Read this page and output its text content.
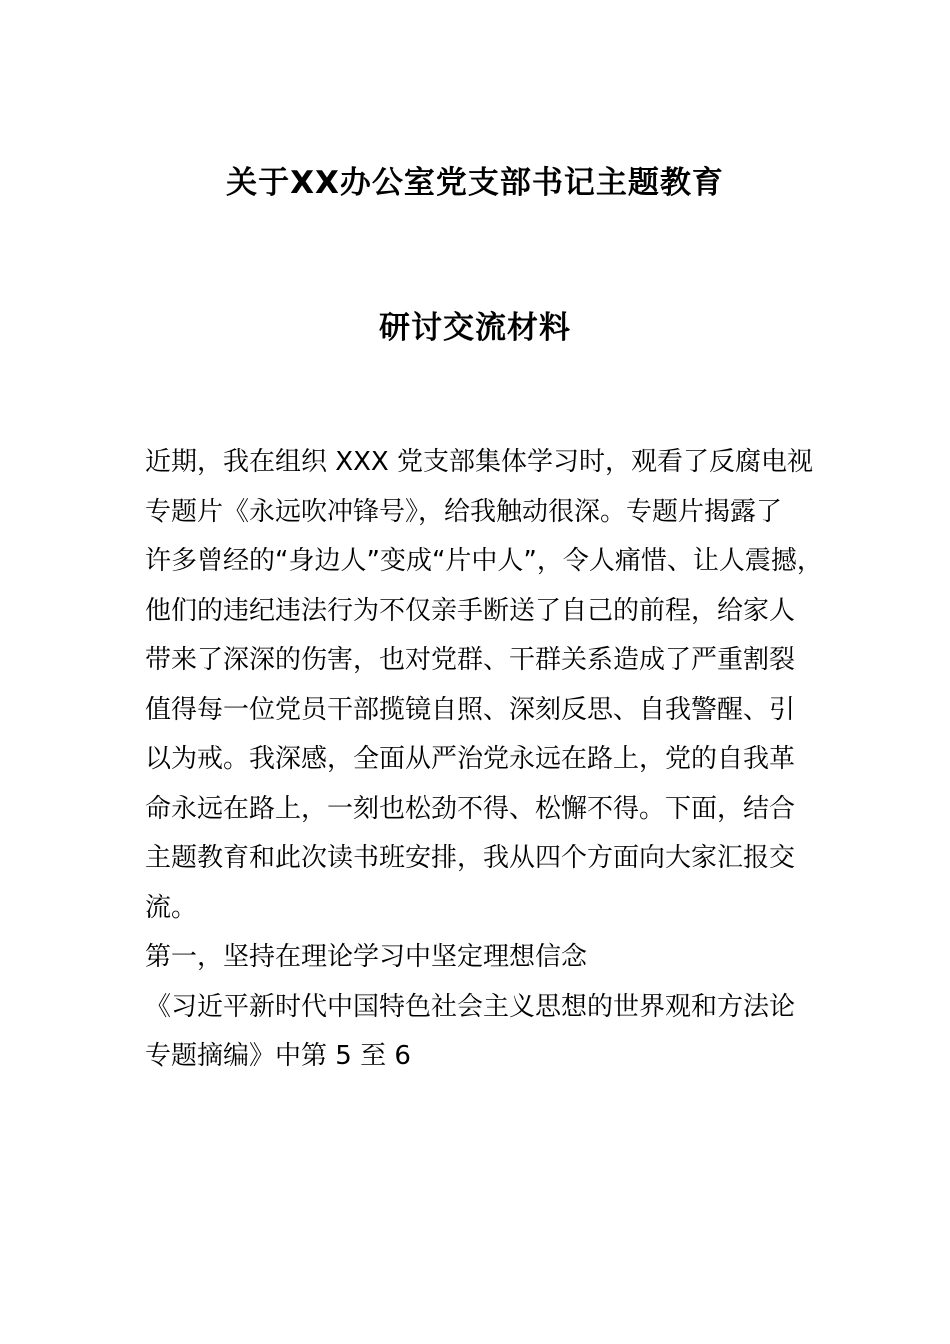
关于XX办公室党支部书记主题教育
研讨交流材料
近期，我在组织 XXX 党支部集体学习时，观看了反腐电视
专题片《永远吹冲锋号》，给我触动很深。专题片揭露了
许多曾经的“身边人”变成“片中人”，令人痛惜、让人震撼，
他们的违纪违法行为不仅亲手断送了自己的前程，给家人
带来了深深的伤害，也对党群、干群关系造成了严重割裂
值得每一位党员干部揽镜自照、深刻反思、自我警醒、引
以为戒。我深感，全面从严治党永远在路上，党的自我革
命永远在路上，一刻也松劲不得、松懈不得。下面，结合
主题教育和此次读书班安排，我从四个方面向大家汇报交
流。
第一，坚持在理论学习中坚定理想信念
《习近平新时代中国特色社会主义思想的世界观和方法论
专题摘编》中第 5 至 6
